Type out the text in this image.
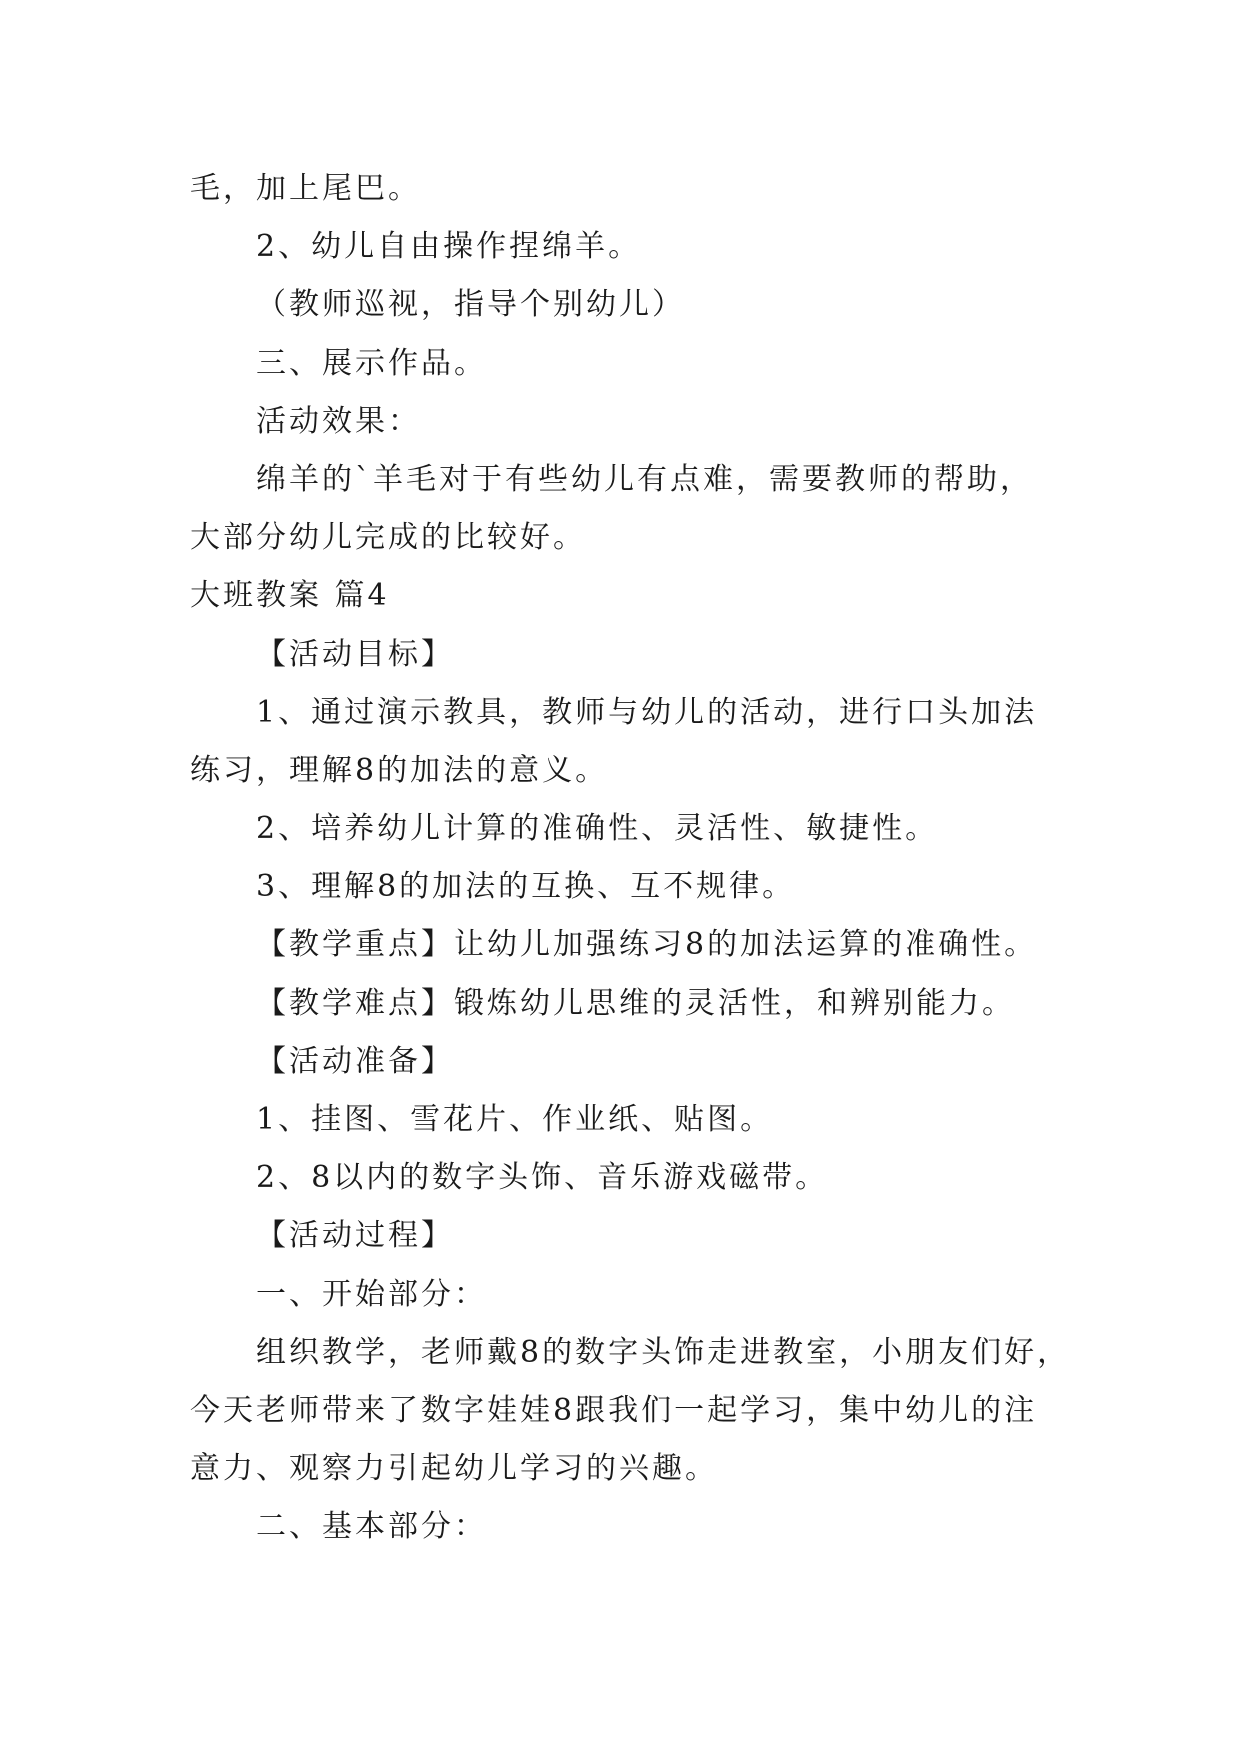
毛，加上尾巴。
2、幼儿自由操作捏绵羊。
（教师巡视，指导个别幼儿）
三、展示作品。
活动效果：
绵羊的`羊毛对于有些幼儿有点难，需要教师的帮助，
大部分幼儿完成的比较好。
大班教案 篇4
【活动目标】
1、通过演示教具，教师与幼儿的活动，进行口头加法
练习，理解8的加法的意义。
2、培养幼儿计算的准确性、灵活性、敏捷性。
3、理解8的加法的互换、互不规律。
【教学重点】让幼儿加强练习8的加法运算的准确性。
【教学难点】锻炼幼儿思维的灵活性，和辨别能力。
【活动准备】
1、挂图、雪花片、作业纸、贴图。
2、8以内的数字头饰、音乐游戏磁带。
【活动过程】
一、开始部分：
组织教学，老师戴8的数字头饰走进教室，小朋友们好，
今天老师带来了数字娃娃8跟我们一起学习，集中幼儿的注
意力、观察力引起幼儿学习的兴趣。
二、基本部分：
